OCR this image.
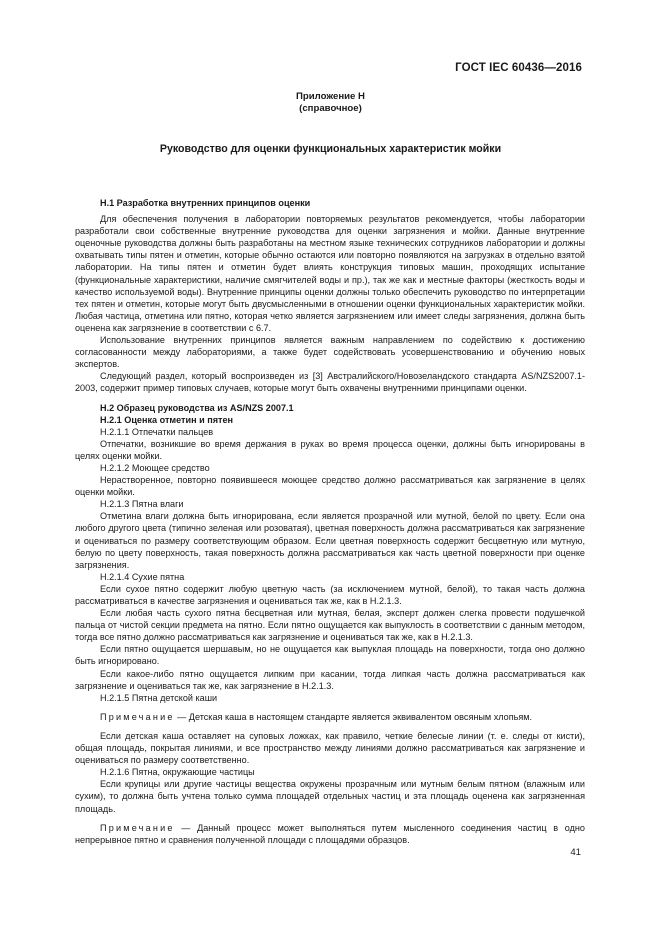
ГОСТ IEC 60436—2016
Приложение Н
(справочное)
Руководство для оценки функциональных характеристик мойки

Н.1 Разработка внутренних принципов оценки

Для обеспечения получения в лаборатории повторяемых результатов рекомендуется, чтобы лаборатории разработали свои собственные внутренние руководства для оценки загрязнения и мойки. Данные внутренние оценочные руководства должны быть разработаны на местном языке технических сотрудников лаборатории и должны охватывать типы пятен и отметин, которые обычно остаются или повторно появляются на загрузках в отдельно взятой лаборатории. На типы пятен и отметин будет влиять конструкция типовых машин, проходящих испытание (функциональные характеристики, наличие смягчителей воды и пр.), так же как и местные факторы (жесткость воды и качество используемой воды). Внутренние принципы оценки должны только обеспечить руководство по интерпретации тех пятен и отметин, которые могут быть двусмысленными в отношении оценки функциональных характеристик мойки. Любая частица, отметина или пятно, которая четко является загрязнением или имеет следы загрязнения, должна быть оценена как загрязнение в соответствии с 6.7.

Использование внутренних принципов является важным направлением по содействию к достижению согласованности между лабораториями, а также будет содействовать усовершенствованию и обучению новых экспертов.

Следующий раздел, который воспроизведен из [3] Австралийского/Новозеландского стандарта AS/NZS2007.1-2003, содержит пример типовых случаев, которые могут быть охвачены внутренними принципами оценки.

Н.2 Образец руководства из AS/NZS 2007.1

Н.2.1 Оценка отметин и пятен

Н.2.1.1 Отпечатки пальцев

Отпечатки, возникшие во время держания в руках во время процесса оценки, должны быть игнорированы в целях оценки мойки.

Н.2.1.2 Моющее средство

Нерастворенное, повторно появившееся моющее средство должно рассматриваться как загрязнение в целях оценки мойки.

Н.2.1.3 Пятна влаги

Отметина влаги должна быть игнорирована, если является прозрачной или мутной, белой по цвету. Если она любого другого цвета (типично зеленая или розоватая), цветная поверхность должна рассматриваться как загрязнение и оцениваться по размеру соответствующим образом. Если цветная поверхность содержит бесцветную или мутную, белую по цвету поверхность, такая поверхность должна рассматриваться как часть цветной поверхности при оценке загрязнения.

Н.2.1.4 Сухие пятна

Если сухое пятно содержит любую цветную часть (за исключением мутной, белой), то такая часть должна рассматриваться в качестве загрязнения и оцениваться так же, как в Н.2.1.3.

Если любая часть сухого пятна бесцветная или мутная, белая, эксперт должен слегка провести подушечкой пальца от чистой секции предмета на пятно. Если пятно ощущается как выпуклость в соответствии с данным методом, тогда все пятно должно рассматриваться как загрязнение и оцениваться так же, как в Н.2.1.3.

Если пятно ощущается шершавым, но не ощущается как выпуклая площадь на поверхности, тогда оно должно быть игнорировано.

Если какое-либо пятно ощущается липким при касании, тогда липкая часть должна рассматриваться как загрязнение и оцениваться так же, как загрязнение в Н.2.1.3.

Н.2.1.5 Пятна детской каши

Примечание — Детская каша в настоящем стандарте является эквивалентом овсяным хлопьям.

Если детская каша оставляет на суповых ложках, как правило, четкие белесые линии (т. е. следы от кисти), общая площадь, покрытая линиями, и все пространство между линиями должно рассматриваться как загрязнение и оцениваться по размеру соответственно.

Н.2.1.6 Пятна, окружающие частицы

Если крупицы или другие частицы вещества окружены прозрачным или мутным белым пятном (влажным или сухим), то должна быть учтена только сумма площадей отдельных частиц и эта площадь оценена как загрязненная площадь.

Примечание — Данный процесс может выполняться путем мысленного соединения частиц в одно непрерывное пятно и сравнения полученной площади с площадями образцов.

41
